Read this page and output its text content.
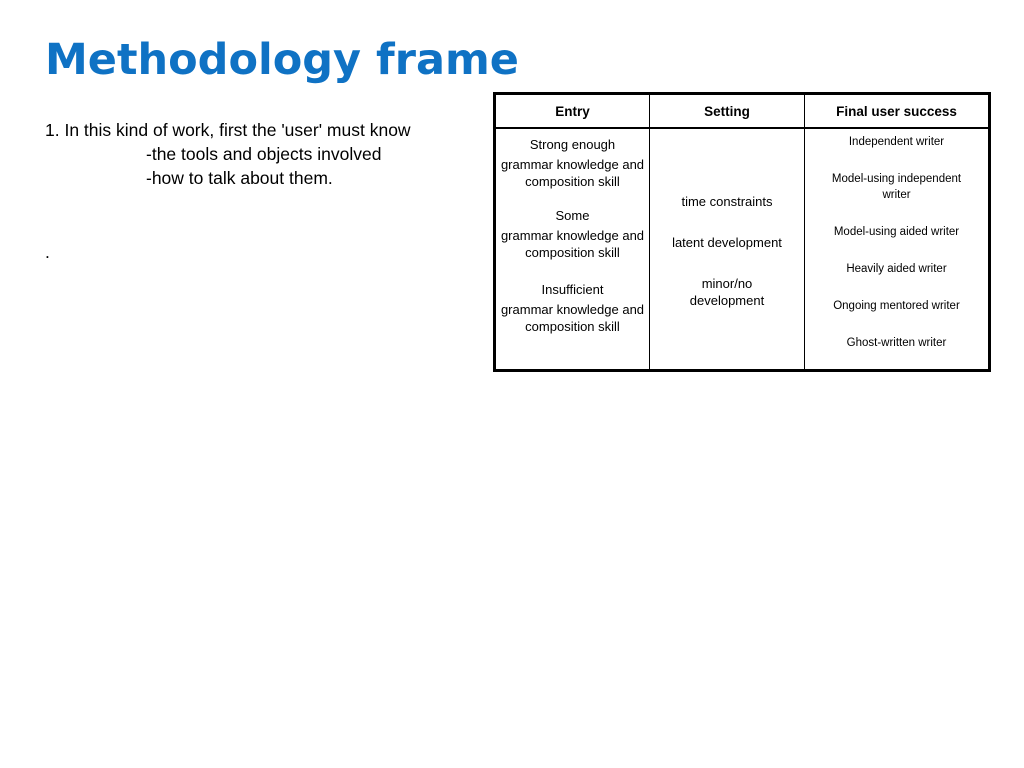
Methodology frame
1. In this kind of work, first the 'user' must know
-the tools and objects involved
-how to talk about them.
.
Entry	Setting	Final user success
Strong enough
grammar knowledge and composition skill
Some
grammar knowledge and composition skill
Insufficient
grammar knowledge and composition skill
time constraints
latent development
minor/no development
Independent writer
Model-using independent writer
Model-using aided writer
Heavily aided writer
Ongoing mentored writer
Ghost-written writer
